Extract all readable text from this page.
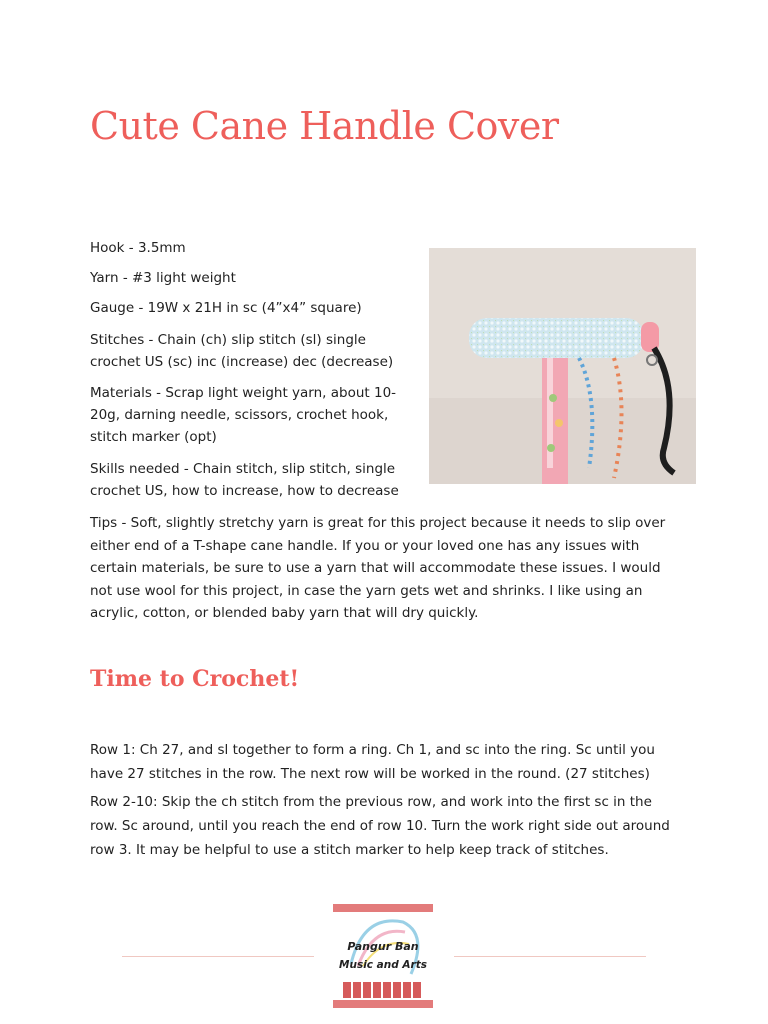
Cute Cane Handle Cover

Hook - 3.5mm

Yarn - #3 light weight

Gauge - 19W x 21H in sc (4”x4” square)

Stitches - Chain (ch) slip stitch (sl) single crochet US (sc) inc (increase) dec (decrease)

Materials - Scrap light weight yarn, about 10-20g, darning needle, scissors, crochet hook, stitch marker (opt)

Skills needed - Chain stitch, slip stitch, single crochet US, how to increase, how to decrease

Tips - Soft, slightly stretchy yarn is great for this project because it needs to slip over either end of a T-shape cane handle. If you or your loved one has any issues with certain materials, be sure to use a yarn that will accommodate these issues. I would not use wool for this project, in case the yarn gets wet and shrinks. I like using an acrylic, cotton, or blended baby yarn that will dry quickly.

Time to Crochet!

Row 1: Ch 27, and sl together to form a ring. Ch 1, and sc into the ring. Sc until you have 27 stitches in the row. The next row will be worked in the round. (27 stitches)

Row 2-10: Skip the ch stitch from the previous row, and work into the first sc in the row. Sc around, until you reach the end of row 10. Turn the work right side out around row 3. It may be helpful to use a stitch marker to help keep track of stitches.

Pangur Ban
Music and Arts
